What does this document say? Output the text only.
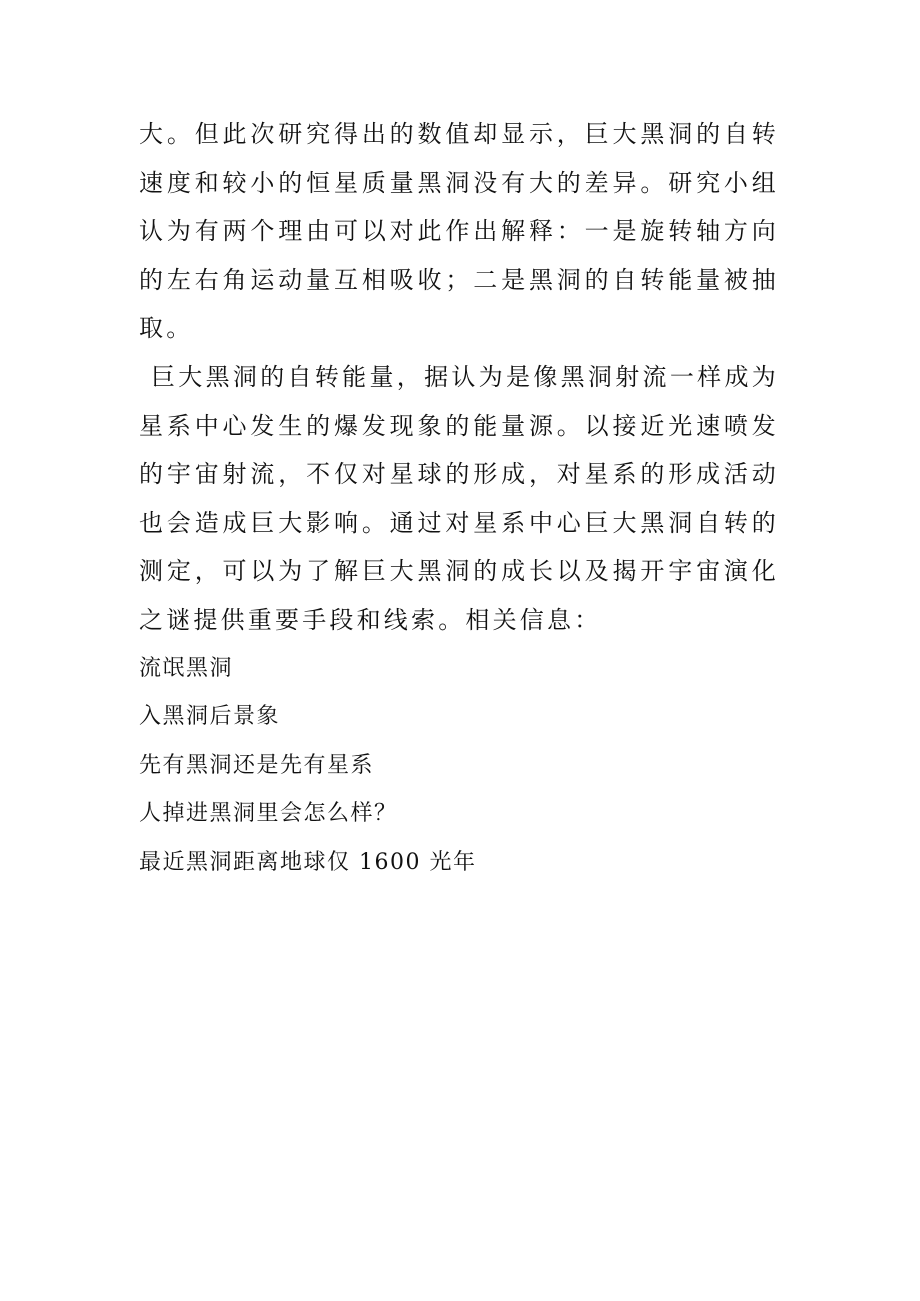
大。但此次研究得出的数值却显示，巨大黑洞的自转速度和较小的恒星质量黑洞没有大的差异。研究小组认为有两个理由可以对此作出解释：一是旋转轴方向的左右角运动量互相吸收；二是黑洞的自转能量被抽取。

巨大黑洞的自转能量，据认为是像黑洞射流一样成为星系中心发生的爆发现象的能量源。以接近光速喷发的宇宙射流，不仅对星球的形成，对星系的形成活动也会造成巨大影响。通过对星系中心巨大黑洞自转的测定，可以为了解巨大黑洞的成长以及揭开宇宙演化之谜提供重要手段和线索。相关信息：

流氓黑洞
入黑洞后景象
先有黑洞还是先有星系
人掉进黑洞里会怎么样？
最近黑洞距离地球仅 1600 光年
